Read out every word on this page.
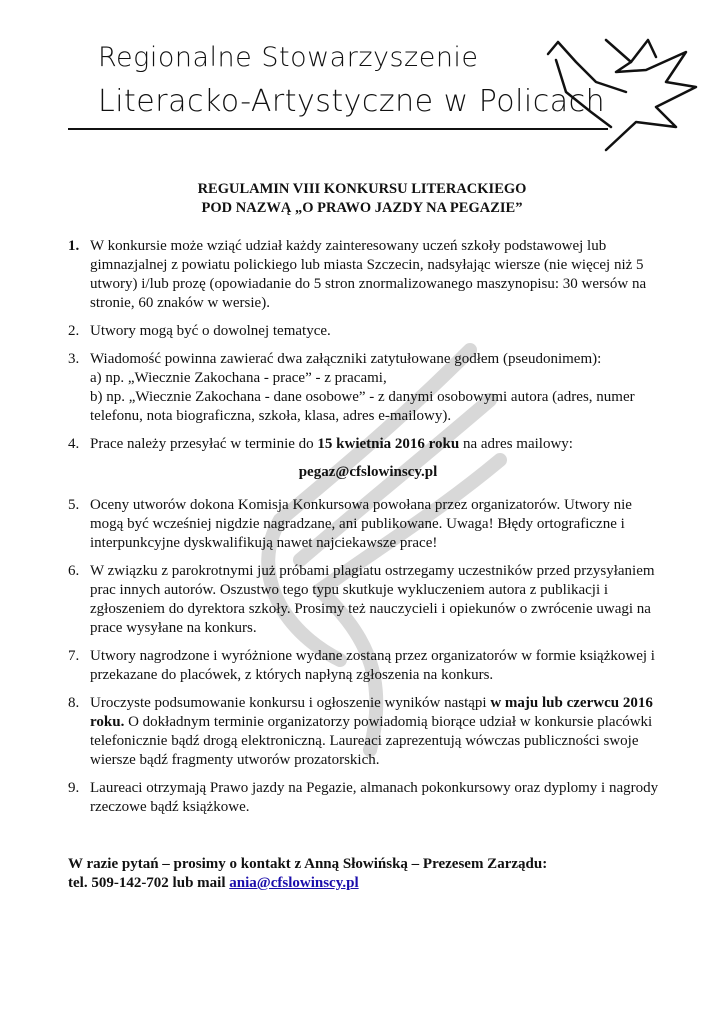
Regionalne Stowarzyszenie
Literacko-Artystyczne w Policach
REGULAMIN VIII KONKURSU LITERACKIEGO
POD NAZWĄ „O PRAWO JAZDY NA PEGAZIE”
1. W konkursie może wziąć udział każdy zainteresowany uczeń szkoły podstawowej lub gimnazjalnej z powiatu polickiego lub miasta Szczecin, nadsyłając wiersze (nie więcej niż 5 utwory) i/lub prozę (opowiadanie do 5 stron znormalizowanego maszynopisu: 30 wersów na stronie, 60 znaków w wersie).
2. Utwory mogą być o dowolnej tematyce.
3. Wiadomość powinna zawierać dwa załączniki zatytułowane godłem (pseudonimem):
a) np. „Wiecznie Zakochana - prace” - z pracami,
b) np. „Wiecznie Zakochana - dane osobowe” - z danymi osobowymi autora (adres, numer telefonu, nota biograficzna, szkoła, klasa, adres e-mailowy).
4. Prace należy przesyłać w terminie do 15 kwietnia 2016 roku na adres mailowy:
pegaz@cfslowinscy.pl
5. Oceny utworów dokona Komisja Konkursowa powołana przez organizatorów. Utwory nie mogą być wcześniej nigdzie nagradzane, ani publikowane. Uwaga! Błędy ortograficzne i interpunkcyjne dyskwalifikują nawet najciekawsze prace!
6. W związku z parokrotnymi już próbami plagiatu ostrzegamy uczestników przed przysyłaniem prac innych autorów. Oszustwo tego typu skutkuje wykluczeniem autora z publikacji i zgłoszeniem do dyrektora szkoły. Prosimy też nauczycieli i opiekunów o zwrócenie uwagi na prace wysyłane na konkurs.
7. Utwory nagrodzone i wyróżnione wydane zostaną przez organizatorów w formie książkowej i przekazane do placówek, z których napłyną zgłoszenia na konkurs.
8. Uroczyste podsumowanie konkursu i ogłoszenie wyników nastąpi w maju lub czerwcu 2016 roku. O dokładnym terminie organizatorzy powiadomią biorące udział w konkursie placówki telefonicznie bądź drogą elektroniczną. Laureaci zaprezentują wówczas publiczności swoje wiersze bądź fragmenty utworów prozatorskich.
9. Laureaci otrzymają Prawo jazdy na Pegazie, almanach pokonkursowy oraz dyplomy i nagrody rzeczowe bądź książkowe.
W razie pytań – prosimy o kontakt z Anną Słowińską – Prezesem Zarządu:
tel. 509-142-702 lub mail ania@cfslowinscy.pl
